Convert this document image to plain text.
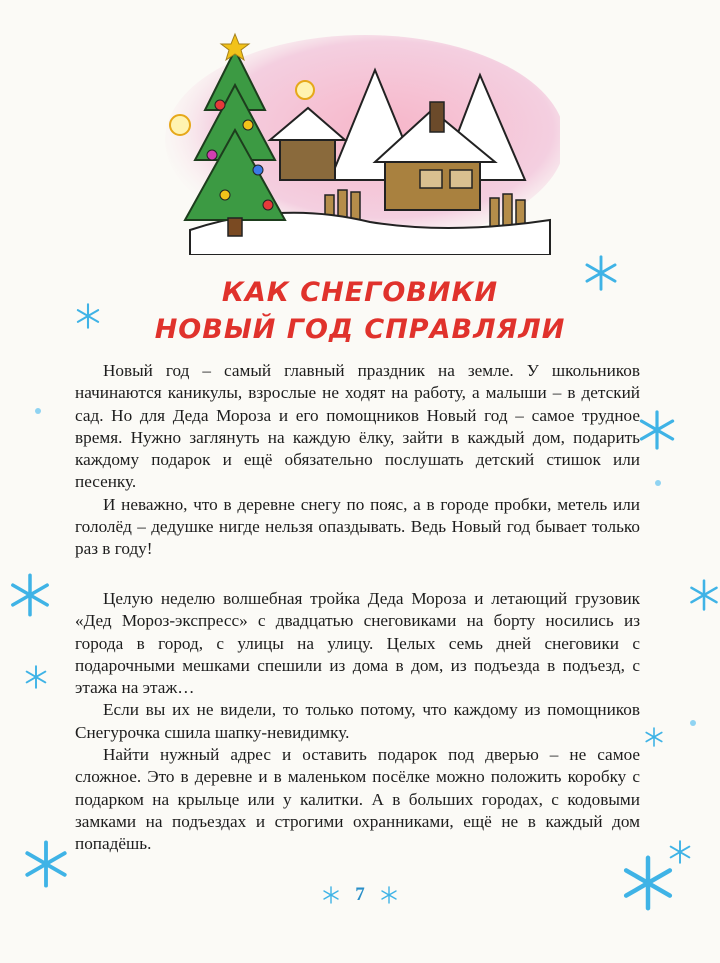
КАК СНЕГОВИКИ
НОВЫЙ ГОД СПРАВЛЯЛИ

Новый год – самый главный праздник на земле. У школьников начинаются каникулы, взрослые не ходят на работу, а малыши – в детский сад. Но для Деда Мороза и его помощников Новый год – самое трудное время. Нужно заглянуть на каждую ёлку, зайти в каждый дом, подарить каждому подарок и ещё обязательно послушать детский стишок или песенку.

И неважно, что в деревне снегу по пояс, а в городе пробки, метель или гололёд – дедушке нигде нельзя опаздывать. Ведь Новый год бывает только раз в году!

Целую неделю волшебная тройка Деда Мороза и летающий грузовик «Дед Мороз-экспресс» с двадцатью снеговиками на борту носились из города в город, с улицы на улицу. Целых семь дней снеговики с подарочными мешками спешили из дома в дом, из подъезда в подъезд, с этажа на этаж…

Если вы их не видели, то только потому, что каждому из помощников Снегурочка сшила шапку-невидимку.

Найти нужный адрес и оставить подарок под дверью – не самое сложное. Это в деревне и в маленьком посёлке можно положить коробку с подарком на крыльце или у калитки. А в больших городах, с кодовыми замками на подъездах и строгими охранниками, ещё не в каждый дом попадёшь.

7
